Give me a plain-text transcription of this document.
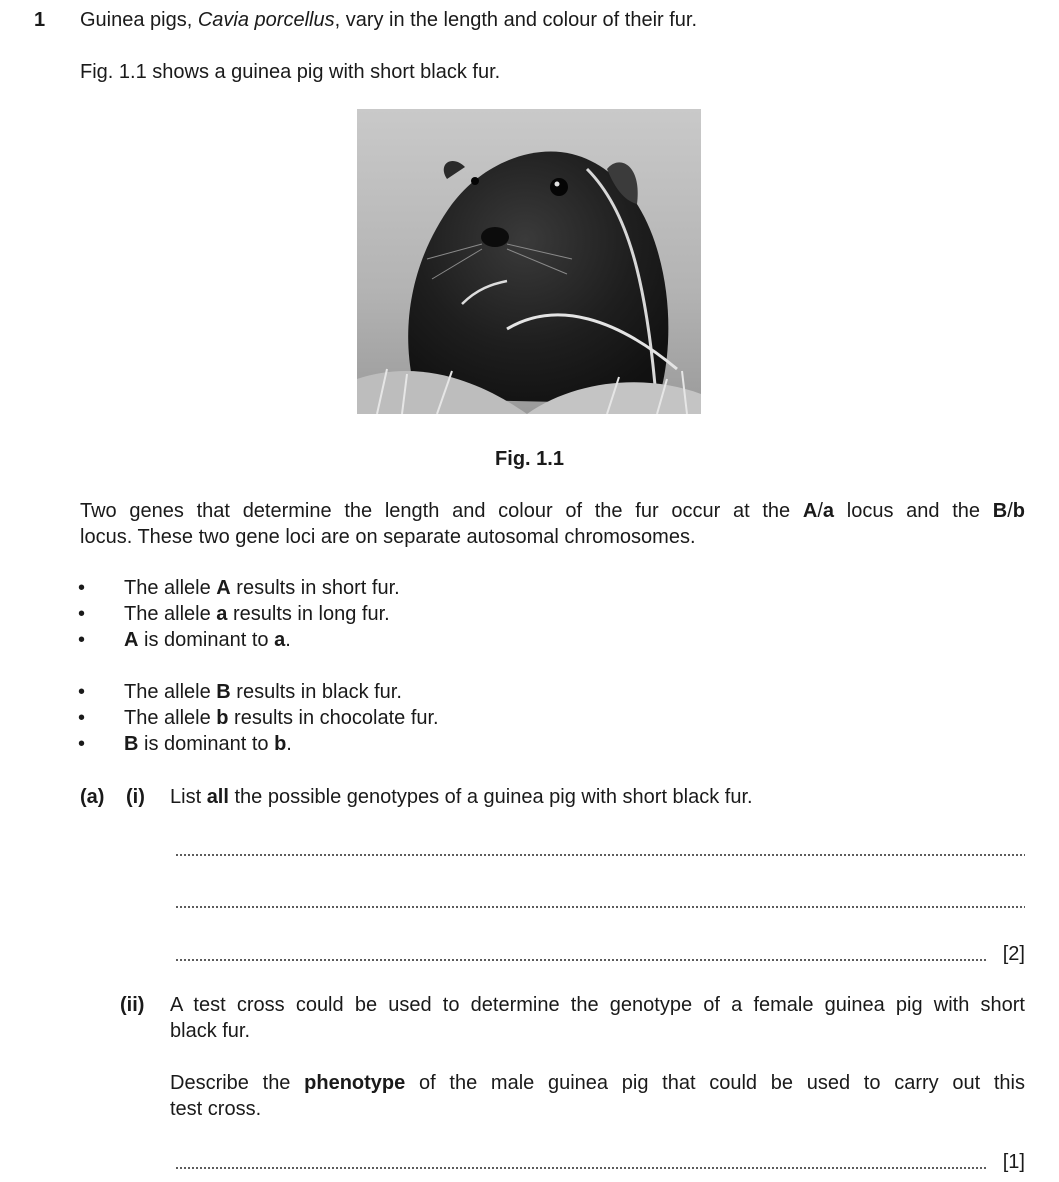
1 Guinea pigs, Cavia porcellus, vary in the length and colour of their fur.
Fig. 1.1 shows a guinea pig with short black fur.
Fig. 1.1
Two genes that determine the length and colour of the fur occur at the A/a locus and the B/b
locus. These two gene loci are on separate autosomal chromosomes.
• The allele A results in short fur.
• The allele a results in long fur.
• A is dominant to a.
• The allele B results in black fur.
• The allele b results in chocolate fur.
• B is dominant to b.
(a) (i) List all the possible genotypes of a guinea pig with short black fur.
[2]
(ii) A test cross could be used to determine the genotype of a female guinea pig with short
black fur.
Describe the phenotype of the male guinea pig that could be used to carry out this
test cross.
[1]
